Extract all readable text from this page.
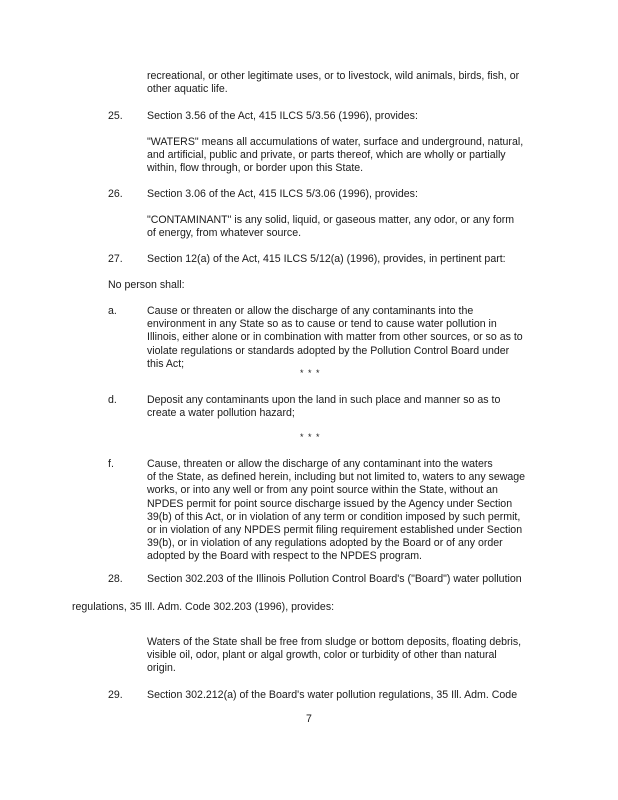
recreational, or other legitimate uses, or to livestock, wild animals, birds, fish, or
other aquatic life.
25. Section 3.56 of the Act, 415 ILCS 5/3.56 (1996), provides:
"WATERS" means all accumulations of water, surface and underground, natural,
and artificial, public and private, or parts thereof, which are wholly or partially
within, flow through, or border upon this State.
26. Section 3.06 of the Act, 415 ILCS 5/3.06 (1996), provides:
"CONTAMINANT" is any solid, liquid, or gaseous matter, any odor, or any form
of energy, from whatever source.
27. Section 12(a) of the Act, 415 ILCS 5/12(a) (1996), provides, in pertinent part:
No person shall:
a.	Cause or threaten or allow the discharge of any contaminants into the
environment in any State so as to cause or tend to cause water pollution in
Illinois, either alone or in combination with matter from other sources, or so as to
violate regulations or standards adopted by the Pollution Control Board under
this Act;
* * *
d.	Deposit any contaminants upon the land in such place and manner so as to
create a water pollution hazard;
* * *
f.	Cause, threaten or allow the discharge of any contaminant into the waters
of the State, as defined herein, including but not limited to, waters to any sewage
works, or into any well or from any point source within the State, without an
NPDES permit for point source discharge issued by the Agency under Section
39(b) of this Act, or in violation of any term or condition imposed by such permit,
or in violation of any NPDES permit filing requirement established under Section
39(b), or in violation of any regulations adopted by the Board or of any order
adopted by the Board with respect to the NPDES program.
28. Section 302.203 of the Illinois Pollution Control Board's ("Board") water pollution
regulations, 35 Ill. Adm. Code 302.203 (1996), provides:
Waters of the State shall be free from sludge or bottom deposits, floating debris,
visible oil, odor, plant or algal growth, color or turbidity of other than natural
origin.
29. Section 302.212(a) of the Board's water pollution regulations, 35 Ill. Adm. Code
7
